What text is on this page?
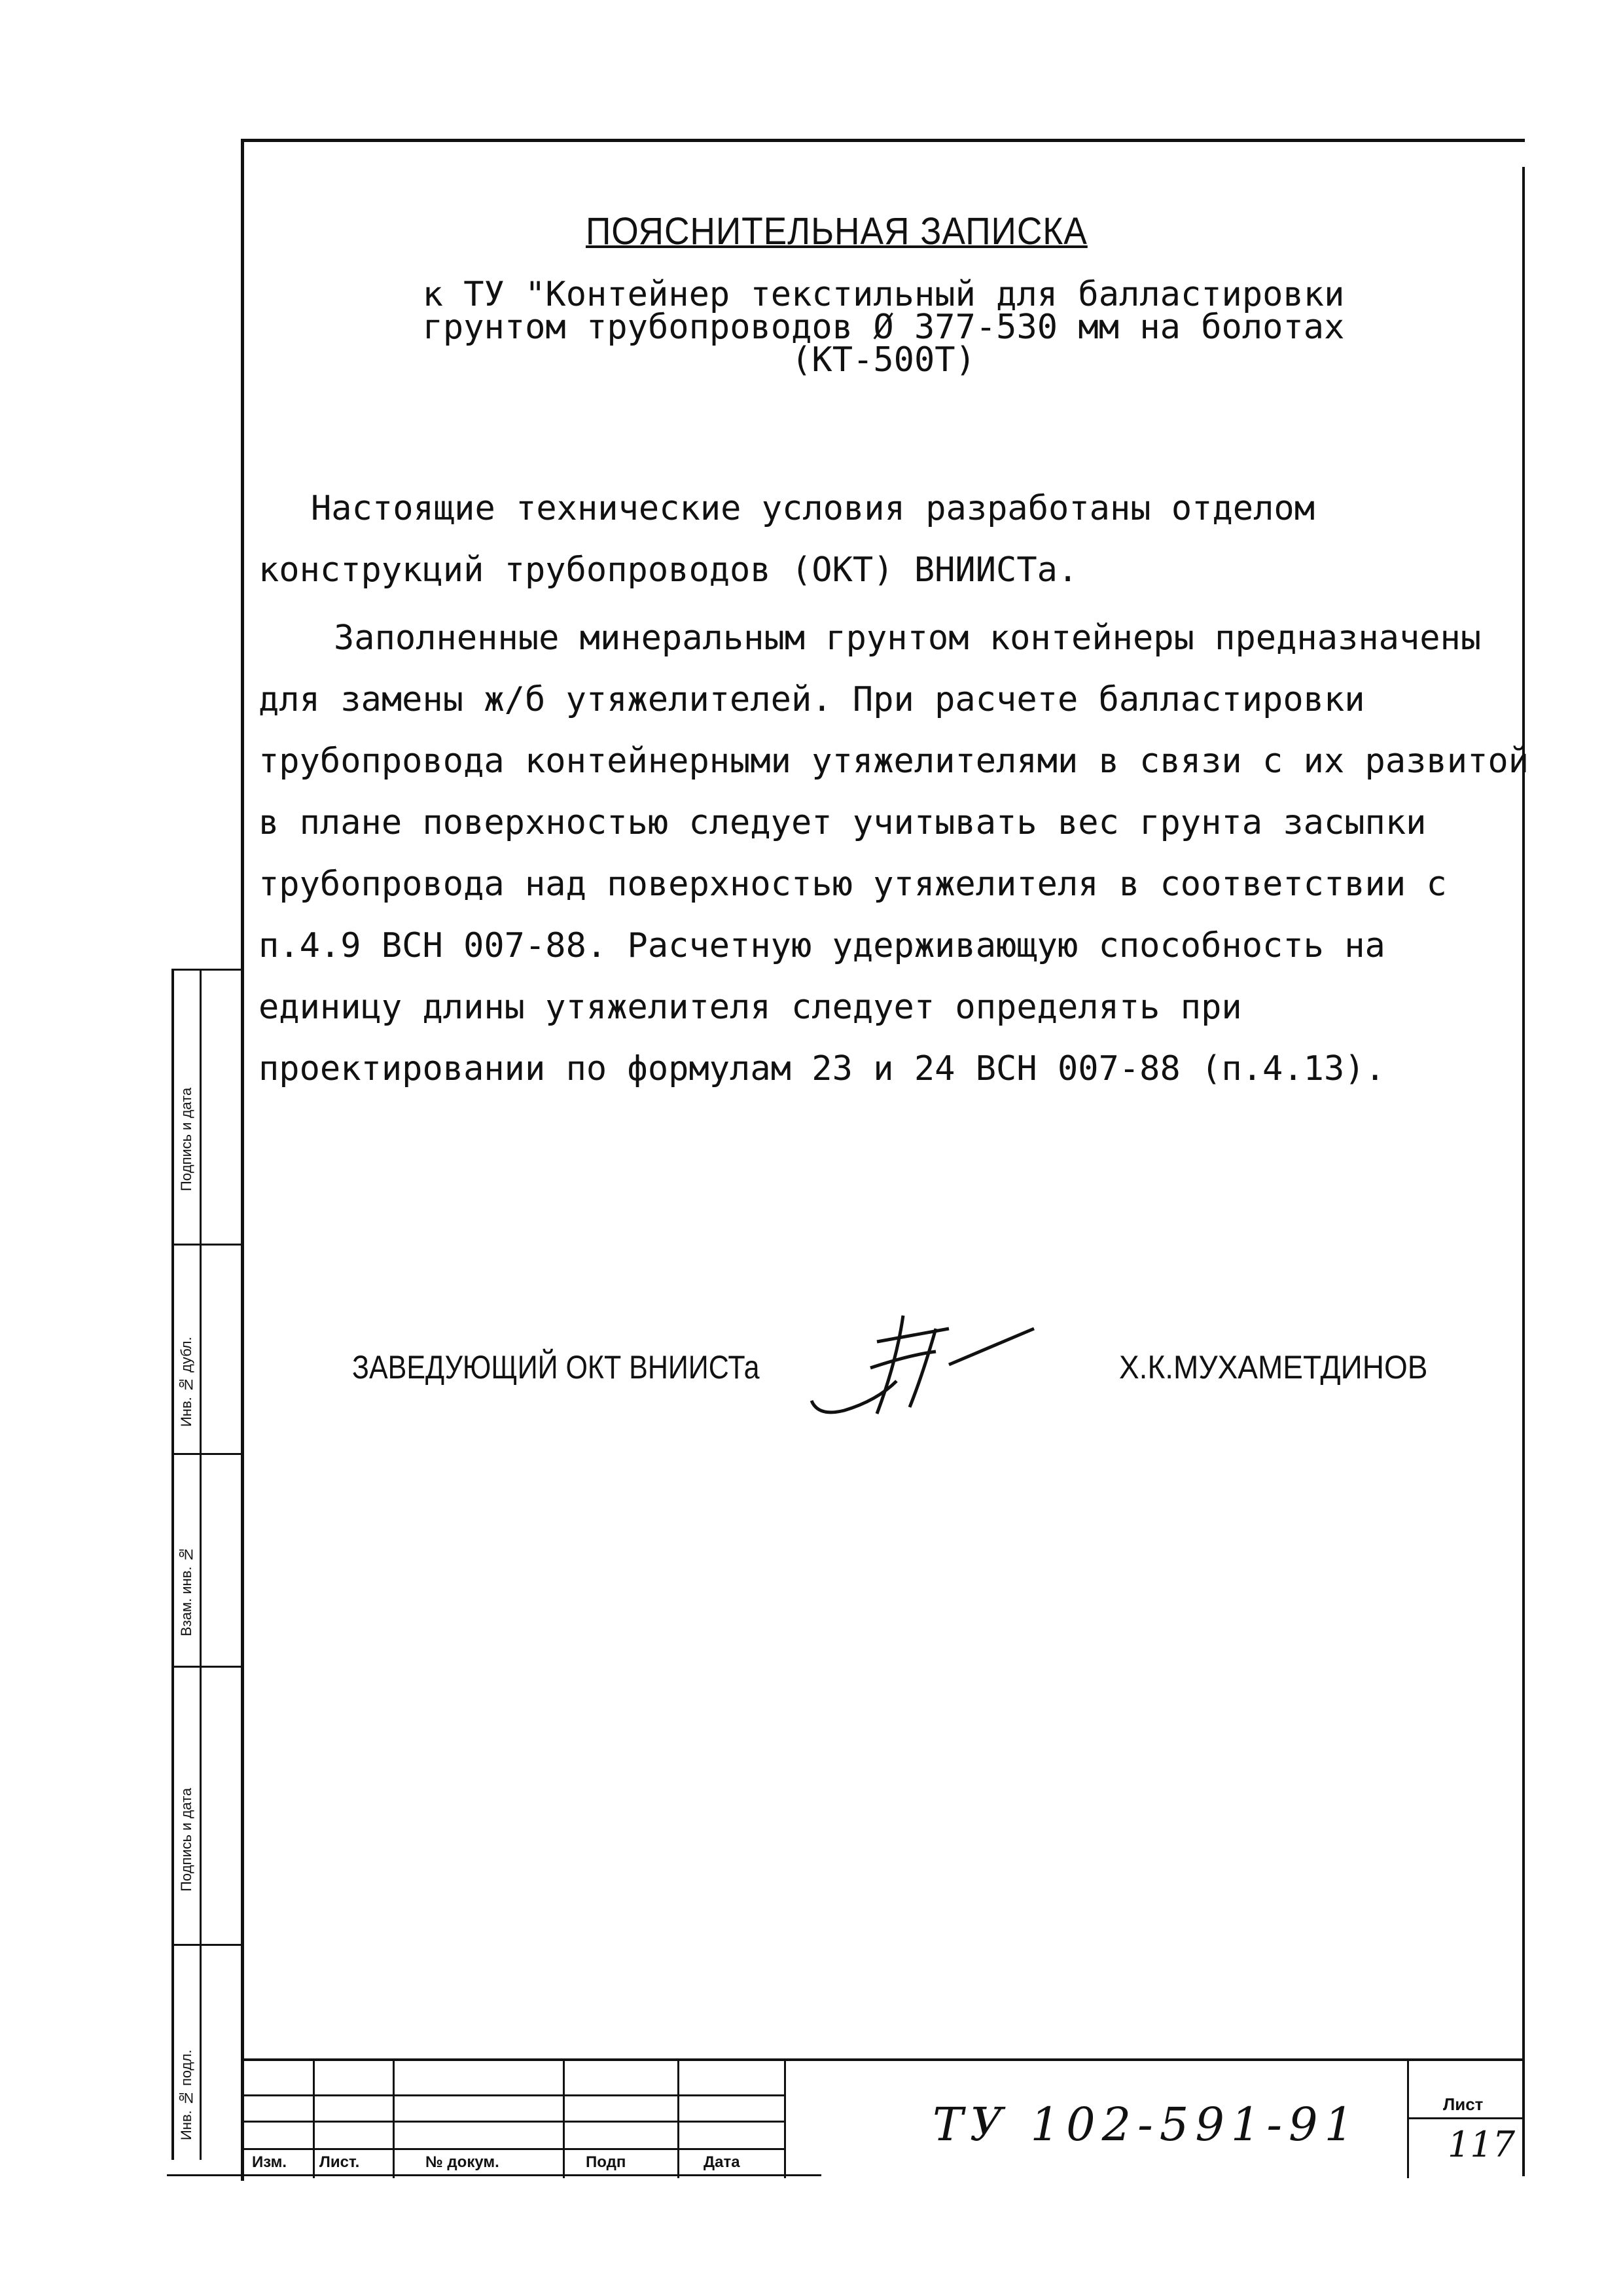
ПОЯСНИТЕЛЬНАЯ ЗАПИСКА
к ТУ "Контейнер текстильный для балластировки
грунтом трубопроводов Ø 377-530 мм на болотах
(КТ-500Т)
Настоящие технические условия разработаны отделом конструкций трубопроводов (ОКТ) ВНИИСТа.
Заполненные минеральным грунтом контейнеры предназначены для замены ж/б утяжелителей. При расчете балластировки трубопровода контейнерными утяжелителями в связи с их развитой в плане поверхностью следует учитывать вес грунта засыпки трубопровода над поверхностью утяжелителя в соответствии с п.4.9 ВСН 007-88. Расчетную удерживающую способность на единицу длины утяжелителя следует определять при проектировании по формулам 23 и 24 ВСН 007-88 (п.4.13).
ЗАВЕДУЮЩИЙ ОКТ ВНИИСТа	Х.К.МУХАМЕТДИНОВ
Подпись и дата
Инв. № дубл.
Взам. инв. №
Подпись и дата
Инв. № подл.
Изм. Лист.	№ докум.	Подп	Дата
ТУ 102-591-91	Лист
117
